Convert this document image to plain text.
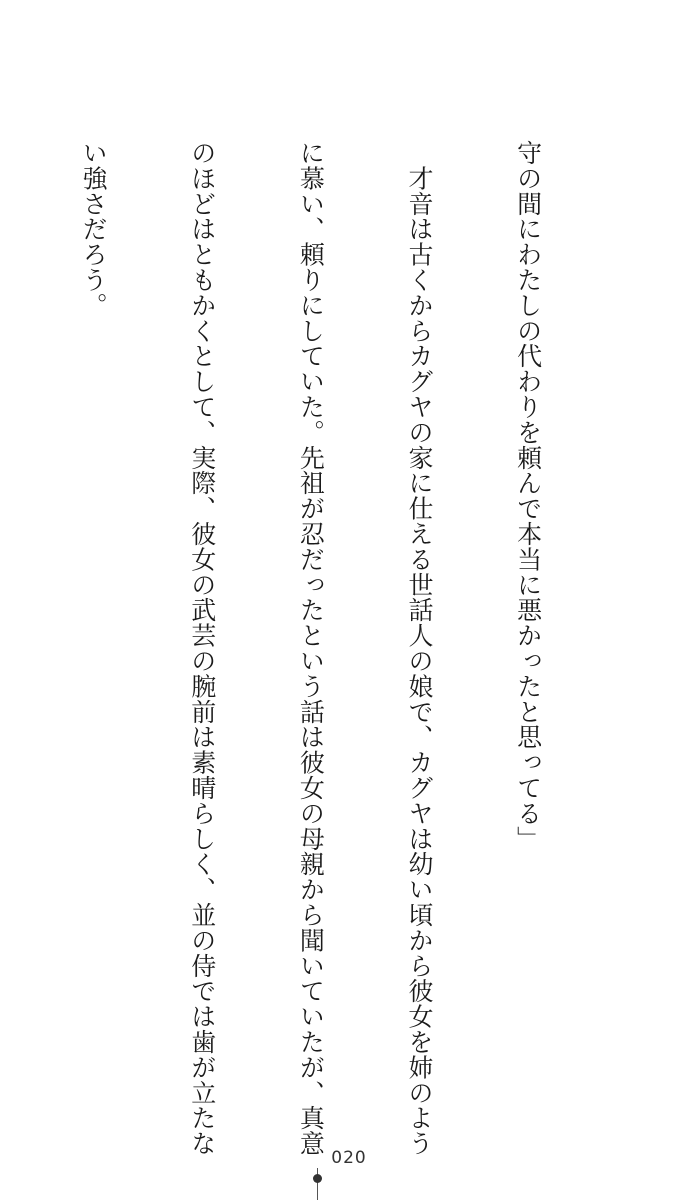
守の間にわたしの代わりを頼んで本当に悪かったと思ってる」

　才音は古くからカグヤの家に仕える世話人の娘で、カグヤは幼い頃から彼女を姉のよう

に慕い、頼りにしていた。先祖が忍だったという話は彼女の母親から聞いていたが、真意

のほどはともかくとして、実際、彼女の武芸の腕前は素晴らしく、並の侍では歯が立たな

い強さだろう。

020
